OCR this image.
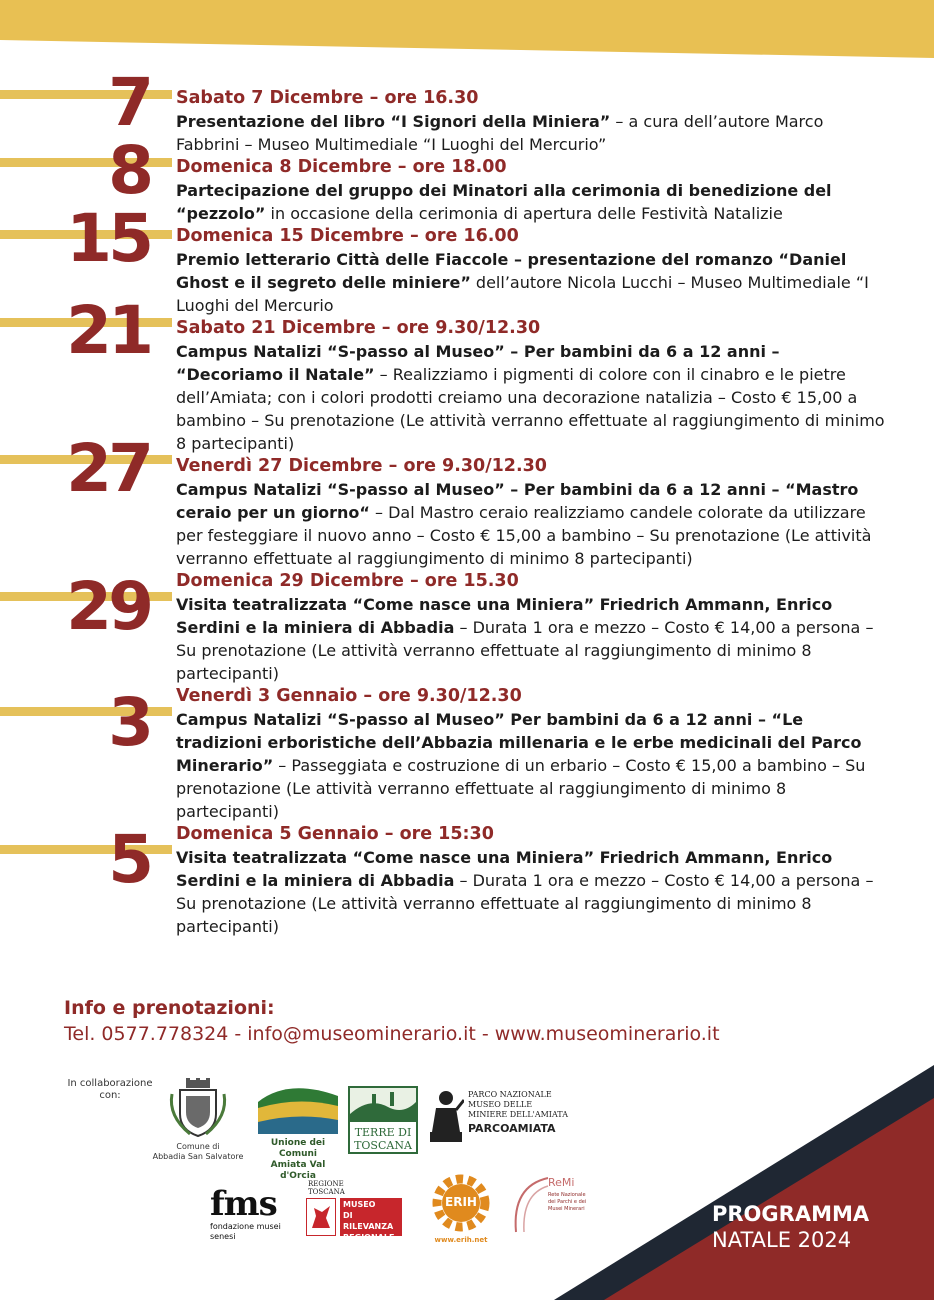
7
8
15
21
27
29
3
5
Sabato 7 Dicembre – ore 16.30
Presentazione del libro “I Signori della Miniera” – a cura dell’autore Marco Fabbrini – Museo Multimediale “I Luoghi del Mercurio”
Domenica 8 Dicembre – ore 18.00
Partecipazione del gruppo dei Minatori alla cerimonia di benedizione del “pezzolo” in occasione della cerimonia di apertura delle Festività Natalizie
Domenica 15 Dicembre – ore 16.00
Premio letterario Città delle Fiaccole – presentazione del romanzo “Daniel Ghost e il segreto delle miniere” dell’autore Nicola Lucchi – Museo Multimediale “I Luoghi del Mercurio
Sabato 21 Dicembre – ore 9.30/12.30
Campus Natalizi “S-passo al Museo” – Per bambini da 6 a 12 anni – “Decoriamo il Natale” – Realizziamo i pigmenti di colore con il cinabro e le pietre dell’Amiata; con i colori prodotti creiamo una decorazione natalizia – Costo € 15,00 a bambino – Su prenotazione (Le attività verranno effettuate al raggiungimento di minimo 8 partecipanti)
Venerdì 27 Dicembre – ore 9.30/12.30
Campus Natalizi “S-passo al Museo” – Per bambini da 6 a 12 anni – “Mastro ceraio per un giorno“ – Dal Mastro ceraio realizziamo candele colorate da utilizzare per festeggiare il nuovo anno – Costo € 15,00 a bambino – Su prenotazione (Le attività verranno effettuate al raggiungimento di minimo 8 partecipanti)
Domenica 29 Dicembre – ore 15.30
Visita teatralizzata “Come nasce una Miniera” Friedrich Ammann, Enrico Serdini e la miniera di Abbadia – Durata 1 ora e mezzo – Costo € 14,00 a persona – Su prenotazione (Le attività verranno effettuate al raggiungimento di minimo 8 partecipanti)
Venerdì 3 Gennaio – ore 9.30/12.30
Campus Natalizi “S-passo al Museo” Per bambini da 6 a 12 anni – “Le tradizioni erboristiche dell’Abbazia millenaria e le erbe medicinali del Parco Minerario” – Passeggiata e costruzione di un erbario – Costo € 15,00 a bambino – Su prenotazione (Le attività verranno effettuate al raggiungimento di minimo 8 partecipanti)
Domenica 5 Gennaio – ore 15:30
Visita teatralizzata “Come nasce una Miniera” Friedrich Ammann, Enrico Serdini e la miniera di Abbadia – Durata 1 ora e mezzo – Costo € 14,00 a persona – Su prenotazione (Le attività verranno effettuate al raggiungimento di minimo 8 partecipanti)
Info e prenotazioni:
Tel. 0577.778324 - info@museominerario.it - www.museominerario.it
In collaborazione con:
Comune di
Abbadia San Salvatore
Unione dei Comuni
Amiata Val d'Orcia
TERRE DI
TOSCANA
PARCO NAZIONALE
MUSEO DELLE
MINIERE DELL'AMIATA
PARCOAMIATA
fms
fondazione musei senesi
REGIONE
TOSCANA
MUSEO
DI RILEVANZA
REGIONALE
ERIH
www.erih.net
ReMi
Rete Nazionale dei Parchi e dei Musei Minerari	PROGRAMMA
NATALE 2024
